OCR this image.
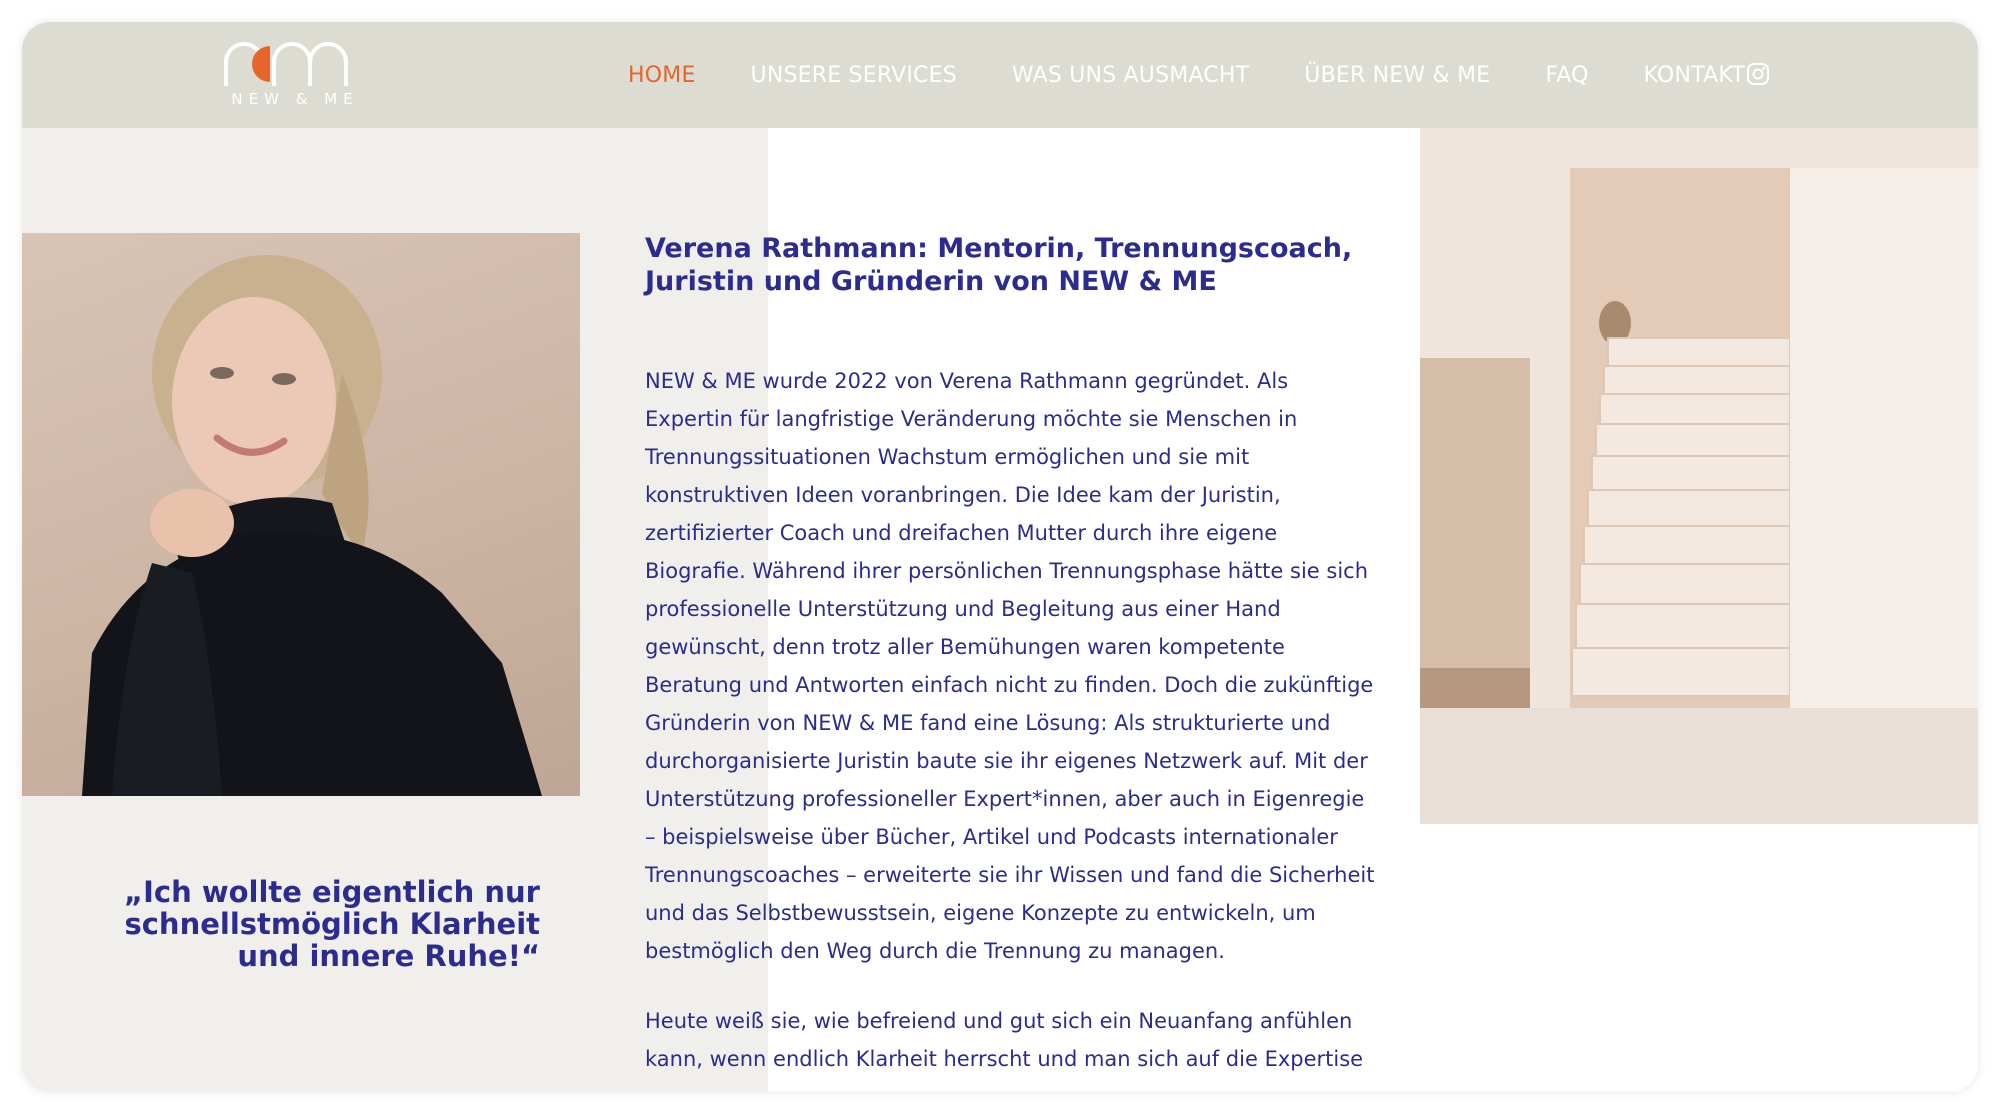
NEW & ME
HOME	UNSERE SERVICES	WAS UNS AUSMACHT	ÜBER NEW & ME	FAQ	KONTAKT
„Ich wollte eigentlich nur schnellstmöglich Klarheit und innere Ruhe!“
Verena Rathmann: Mentorin, Trennungscoach, Juristin und Gründerin von NEW & ME

NEW & ME wurde 2022 von Verena Rathmann gegründet. Als Expertin für langfristige Veränderung möchte sie Menschen in Trennungssituationen Wachstum ermöglichen und sie mit konstruktiven Ideen voranbringen. Die Idee kam der Juristin, zertifizierter Coach und dreifachen Mutter durch ihre eigene Biografie. Während ihrer persönlichen Trennungsphase hätte sie sich professionelle Unterstützung und Begleitung aus einer Hand gewünscht, denn trotz aller Bemühungen waren kompetente Beratung und Antworten einfach nicht zu finden. Doch die zukünftige Gründerin von NEW & ME fand eine Lösung: Als strukturierte und durchorganisierte Juristin baute sie ihr eigenes Netzwerk auf. Mit der Unterstützung professioneller Expert*innen, aber auch in Eigenregie – beispielsweise über Bücher, Artikel und Podcasts internationaler Trennungscoaches – erweiterte sie ihr Wissen und fand die Sicherheit und das Selbstbewusstsein, eigene Konzepte zu entwickeln, um bestmöglich den Weg durch die Trennung zu managen.

Heute weiß sie, wie befreiend und gut sich ein Neuanfang anfühlen kann, wenn endlich Klarheit herrscht und man sich auf die Expertise
